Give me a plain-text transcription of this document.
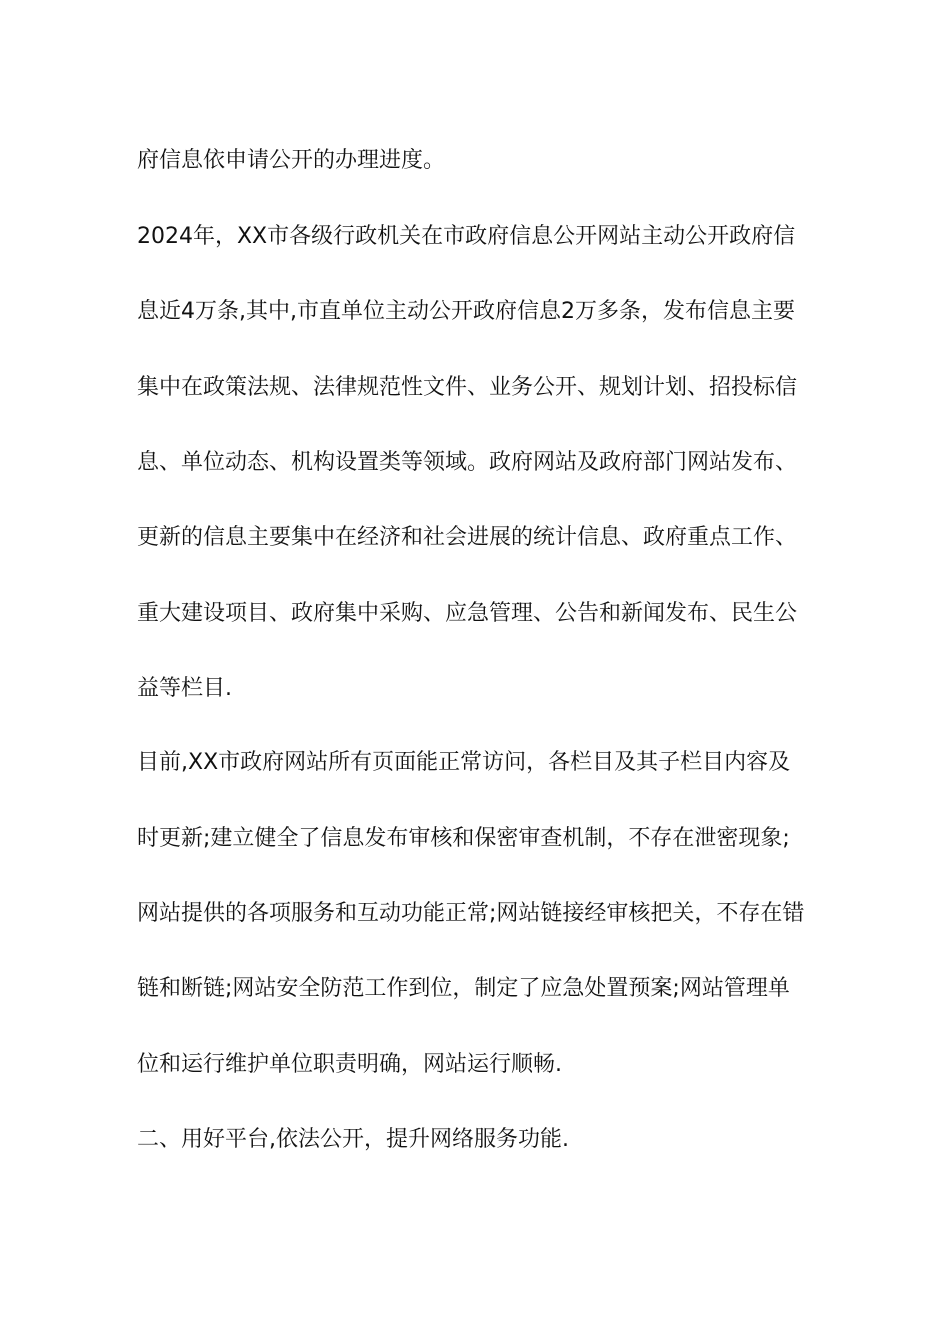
府信息依申请公开的办理进度。
2024年，XX市各级行政机关在市政府信息公开网站主动公开政府信
息近4万条,其中,市直单位主动公开政府信息2万多条，发布信息主要
集中在政策法规、法律规范性文件、业务公开、规划计划、招投标信
息、单位动态、机构设置类等领域。政府网站及政府部门网站发布、
更新的信息主要集中在经济和社会进展的统计信息、政府重点工作、
重大建设项目、政府集中采购、应急管理、公告和新闻发布、民生公
益等栏目.
目前,XX市政府网站所有页面能正常访问，各栏目及其子栏目内容及
时更新;建立健全了信息发布审核和保密审查机制，不存在泄密现象;
网站提供的各项服务和互动功能正常;网站链接经审核把关，不存在错
链和断链;网站安全防范工作到位，制定了应急处置预案;网站管理单
位和运行维护单位职责明确，网站运行顺畅.
二、用好平台,依法公开，提升网络服务功能.
